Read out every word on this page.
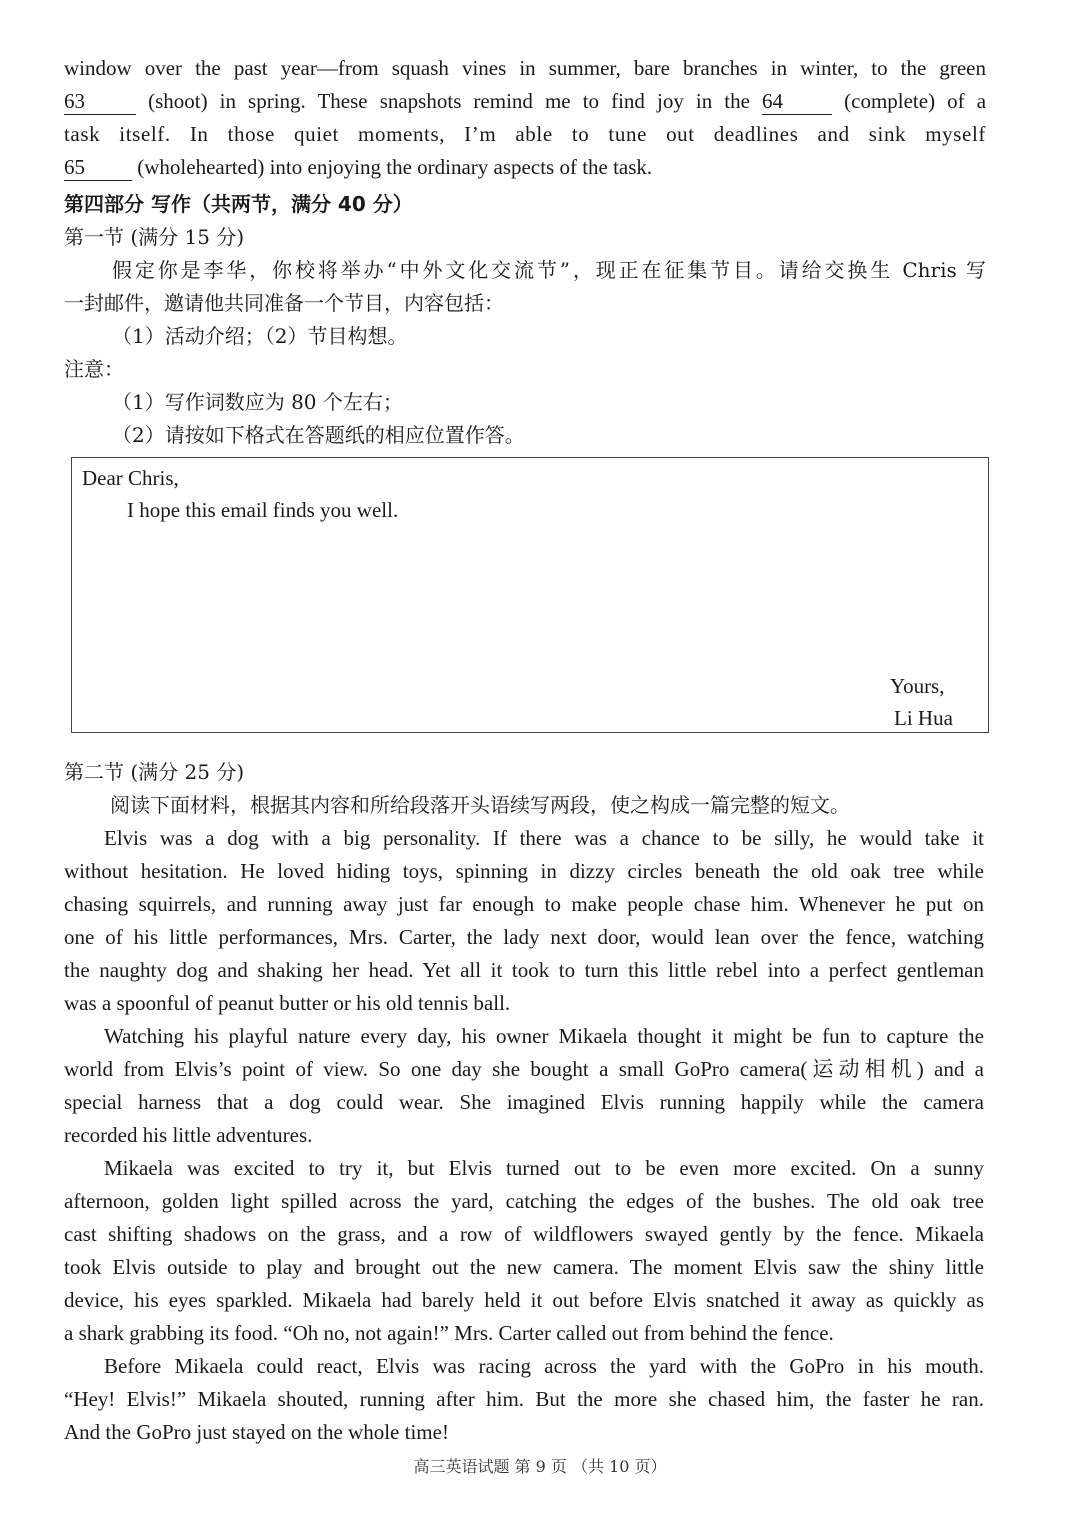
window over the past year—from squash vines in summer, bare branches in winter, to the green

63	(shoot) in spring. These snapshots remind me to find joy in the 64	(complete) of a

task itself. In those quiet moments, I’m able to tune out deadlines and sink myself

65 (wholehearted) into enjoying the ordinary aspects of the task.

第四部分 写作（共两节，满分 40 分）

第一节 (满分 15 分)

假定你是李华，你校将举办“中外文化交流节”，现正在征集节目。请给交换生 Chris 写

一封邮件，邀请他共同准备一个节目，内容包括：

（1）活动介绍；（2）节目构想。

注意：

（1）写作词数应为 80 个左右；

（2）请按如下格式在答题纸的相应位置作答。

Dear Chris,
I hope this email finds you well.
Yours,
Li Hua

第二节 (满分 25 分)

阅读下面材料，根据其内容和所给段落开头语续写两段，使之构成一篇完整的短文。

Elvis was a dog with a big personality. If there was a chance to be silly, he would take it

without hesitation. He loved hiding toys, spinning in dizzy circles beneath the old oak tree while

chasing squirrels, and running away just far enough to make people chase him. Whenever he put on

one of his little performances, Mrs. Carter, the lady next door, would lean over the fence, watching

the naughty dog and shaking her head. Yet all it took to turn this little rebel into a perfect gentleman

was a spoonful of peanut butter or his old tennis ball.

Watching his playful nature every day, his owner Mikaela thought it might be fun to capture the

world from Elvis’s point of view. So one day she bought a small GoPro camera(运动相机) and a

special harness that a dog could wear. She imagined Elvis running happily while the camera

recorded his little adventures.

Mikaela was excited to try it, but Elvis turned out to be even more excited. On a sunny

afternoon, golden light spilled across the yard, catching the edges of the bushes. The old oak tree

cast shifting shadows on the grass, and a row of wildflowers swayed gently by the fence. Mikaela

took Elvis outside to play and brought out the new camera. The moment Elvis saw the shiny little

device, his eyes sparkled. Mikaela had barely held it out before Elvis snatched it away as quickly as

a shark grabbing its food. “Oh no, not again!” Mrs. Carter called out from behind the fence.

Before Mikaela could react, Elvis was racing across the yard with the GoPro in his mouth.

“Hey! Elvis!” Mikaela shouted, running after him. But the more she chased him, the faster he ran.

And the GoPro just stayed on the whole time!

高三英语试题 第 9 页 （共 10 页）
